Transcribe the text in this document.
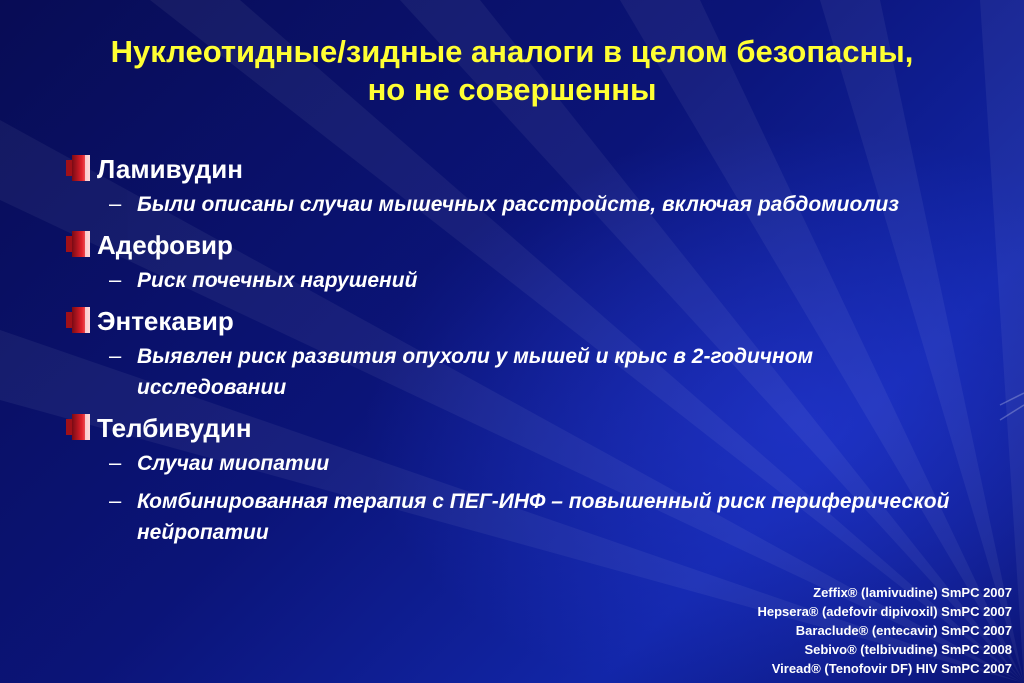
Нуклеотидные/зидные аналоги в целом безопасны,
но не совершенны
Ламивудин
– Были описаны случаи мышечных расстройств, включая рабдомиолиз
Адефовир
– Риск почечных нарушений
Энтекавир
– Выявлен риск развития опухоли у мышей и крыс в 2-годичном исследовании
Телбивудин
– Случаи миопатии
– Комбинированная терапия с ПЕГ-ИНФ – повышенный риск периферической нейропатии
Zeffix® (lamivudine) SmPC 2007
Hepsera® (adefovir dipivoxil) SmPC 2007
Baraclude® (entecavir) SmPC 2007
Sebivo® (telbivudine) SmPC 2008
Viread® (Tenofovir DF) HIV SmPC 2007
